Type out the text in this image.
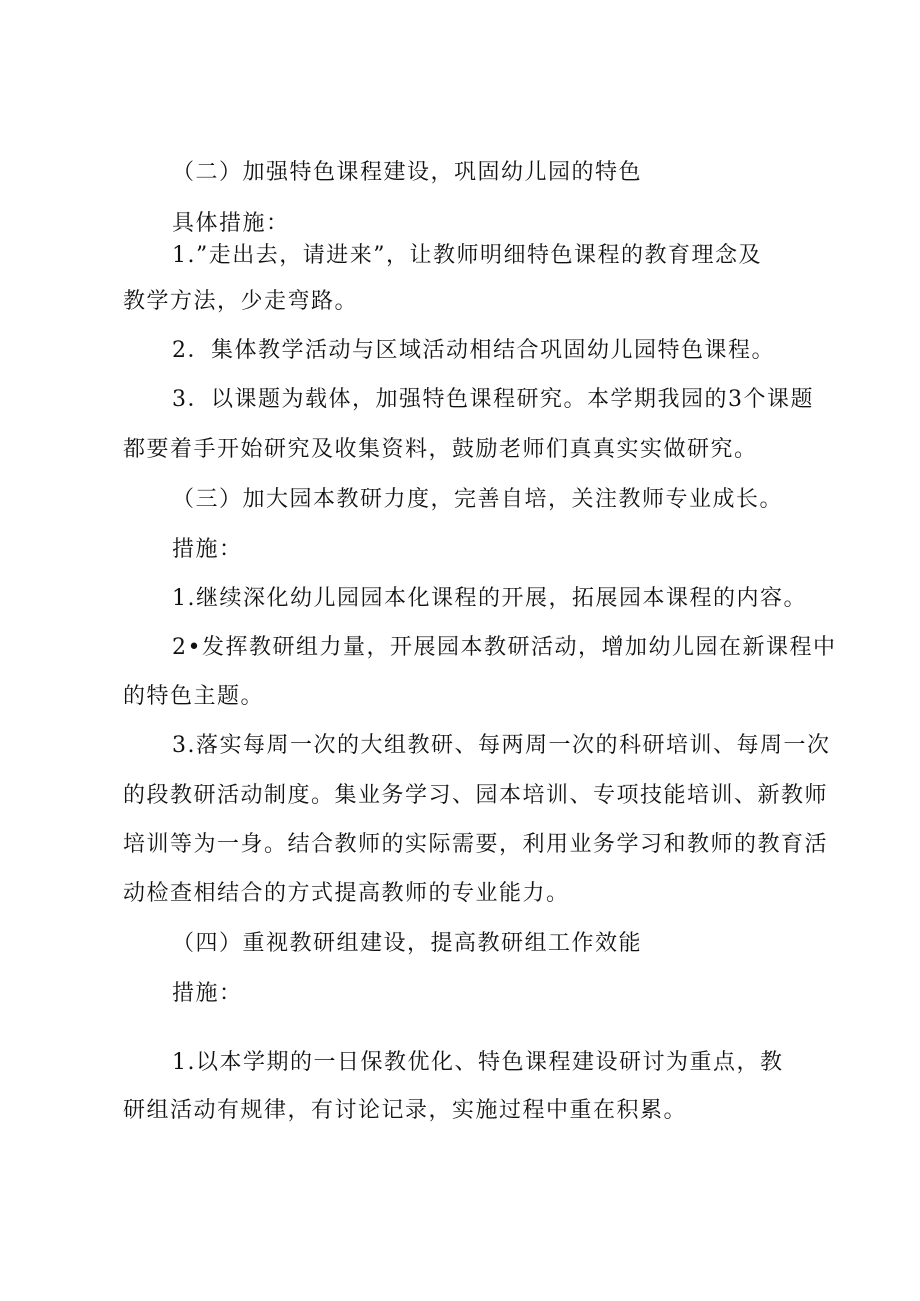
（二）加强特色课程建设，巩固幼儿园的特色
具体措施：
1.”走出去，请进来”，让教师明细特色课程的教育理念及
教学方法，少走弯路。
2．集体教学活动与区域活动相结合巩固幼儿园特色课程。
3．以课题为载体，加强特色课程研究。本学期我园的3个课题
都要着手开始研究及收集资料，鼓励老师们真真实实做研究。
（三）加大园本教研力度，完善自培，关注教师专业成长。
措施：
1.继续深化幼儿园园本化课程的开展，拓展园本课程的内容。
2•发挥教研组力量，开展园本教研活动，增加幼儿园在新课程中
的特色主题。
3.落实每周一次的大组教研、每两周一次的科研培训、每周一次
的段教研活动制度。集业务学习、园本培训、专项技能培训、新教师
培训等为一身。结合教师的实际需要，利用业务学习和教师的教育活
动检查相结合的方式提高教师的专业能力。
（四）重视教研组建设，提高教研组工作效能
措施：
1.以本学期的一日保教优化、特色课程建设研讨为重点，教
研组活动有规律，有讨论记录，实施过程中重在积累。
